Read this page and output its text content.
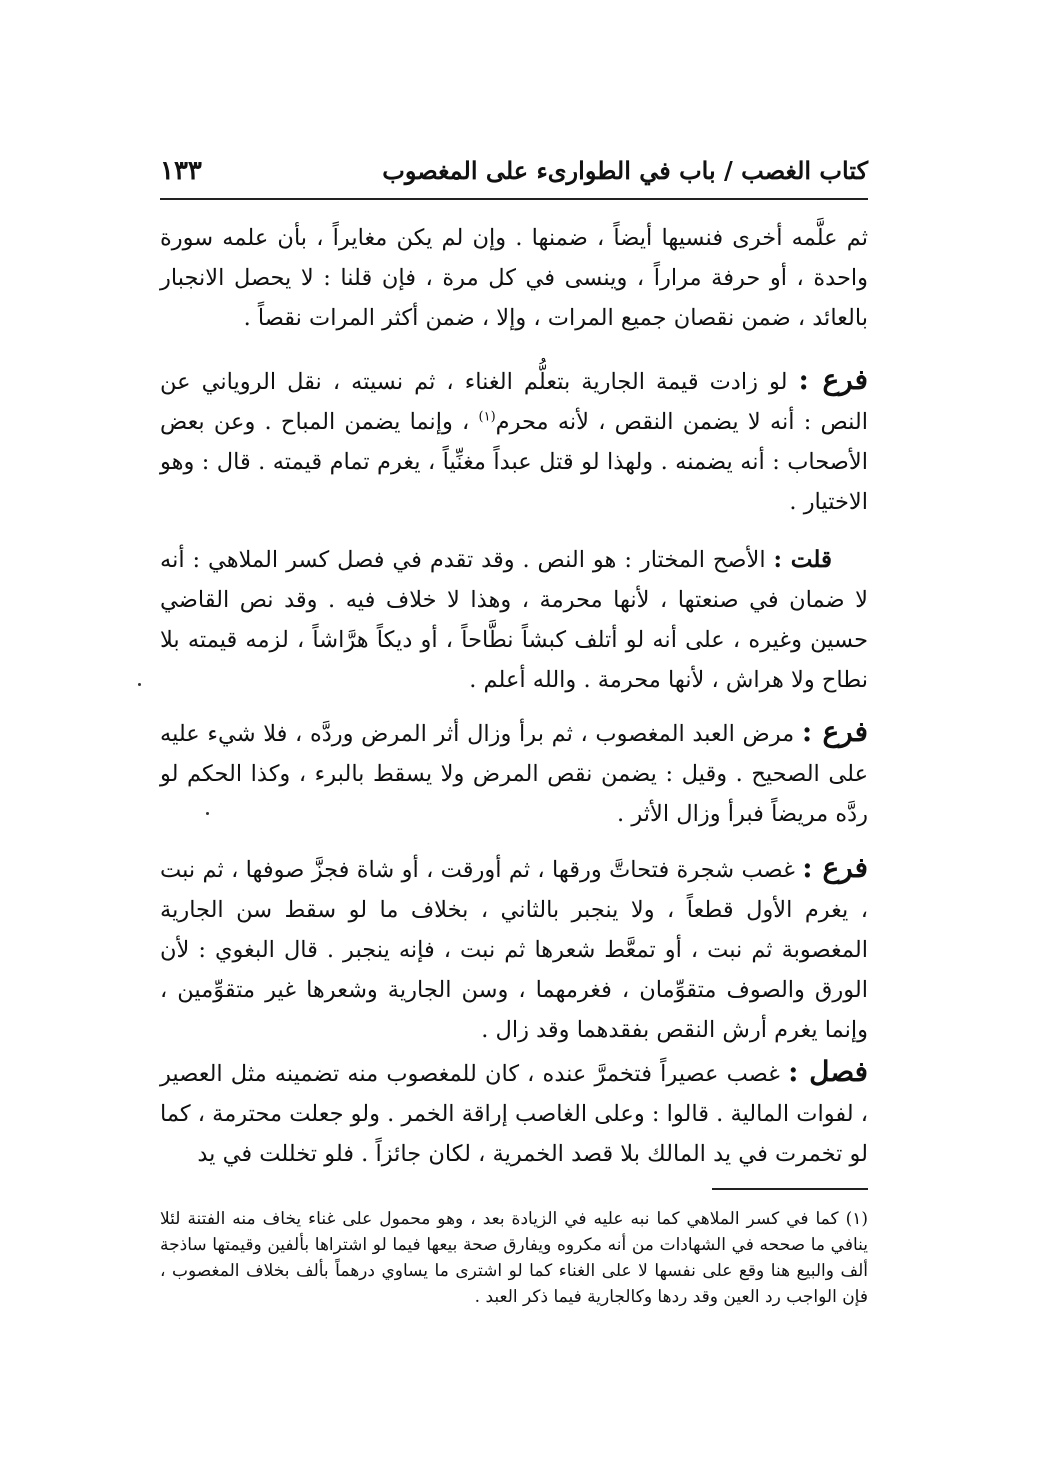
كتاب الغصب / باب في الطوارىء على المغصوب
١٣٣

ثم علَّمه أخرى فنسيها أيضاً ، ضمنها . وإن لم يكن مغايراً ، بأن علمه سورة واحدة ، أو حرفة مراراً ، وينسى في كل مرة ، فإن قلنا : لا يحصل الانجبار بالعائد ، ضمن نقصان جميع المرات ، وإلا ، ضمن أكثر المرات نقصاً .

فرع : لو زادت قيمة الجارية بتعلُّم الغناء ، ثم نسيته ، نقل الروياني عن النص : أنه لا يضمن النقص ، لأنه محرم$^{(١)}$ ، وإنما يضمن المباح . وعن بعض الأصحاب : أنه يضمنه . ولهذا لو قتل عبداً مغنِّياً ، يغرم تمام قيمته . قال : وهو الاختيار .

قلت : الأصح المختار : هو النص . وقد تقدم في فصل كسر الملاهي : أنه لا ضمان في صنعتها ، لأنها محرمة ، وهذا لا خلاف فيه . وقد نص القاضي حسين وغيره ، على أنه لو أتلف كبشاً نطَّاحاً ، أو ديكاً هرَّاشاً ، لزمه قيمته بلا نطاح ولا هراش ، لأنها محرمة . والله أعلم .

فرع : مرض العبد المغصوب ، ثم برأ وزال أثر المرض وردَّه ، فلا شيء عليه على الصحيح . وقيل : يضمن نقص المرض ولا يسقط بالبرء ، وكذا الحكم لو ردَّه مريضاً فبرأ وزال الأثر .

فرع : غصب شجرة فتحاتَّ ورقها ، ثم أورقت ، أو شاة فجزَّ صوفها ، ثم نبت ، يغرم الأول قطعاً ، ولا ينجبر بالثاني ، بخلاف ما لو سقط سن الجارية المغصوبة ثم نبت ، أو تمعَّط شعرها ثم نبت ، فإنه ينجبر . قال البغوي : لأن الورق والصوف متقوِّمان ، فغرمهما ، وسن الجارية وشعرها غير متقوِّمين ، وإنما يغرم أرش النقص بفقدهما وقد زال .

فصل : غصب عصيراً فتخمرَّ عنده ، كان للمغصوب منه تضمينه مثل العصير ، لفوات المالية . قالوا : وعلى الغاصب إراقة الخمر . ولو جعلت محترمة ، كما لو تخمرت في يد المالك بلا قصد الخمرية ، لكان جائزاً . فلو تخللت في يد

(١) كما في كسر الملاهي كما نبه عليه في الزيادة بعد ، وهو محمول على غناء يخاف منه الفتنة لئلا ينافي ما صححه في الشهادات من أنه مكروه ويفارق صحة بيعها فيما لو اشتراها بألفين وقيمتها ساذجة ألف والبيع هنا وقع على نفسها لا على الغناء كما لو اشترى ما يساوي درهماً بألف بخلاف المغصوب ، فإن الواجب رد العين وقد ردها وكالجارية فيما ذكر العبد .
